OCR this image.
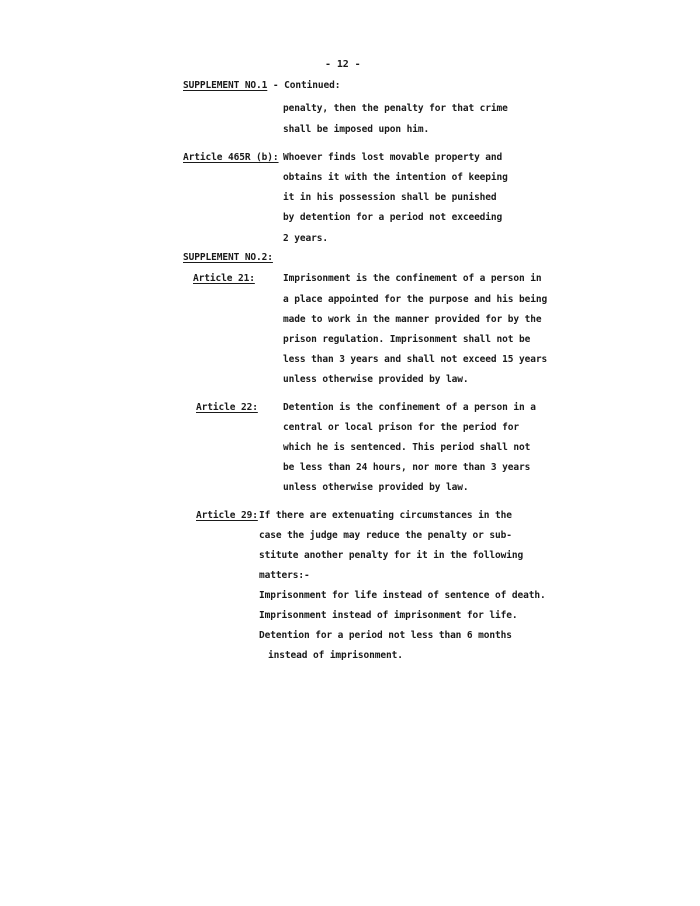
- 12 -
SUPPLEMENT NO.1 - Continued:
penalty, then the penalty for that crime
shall be imposed upon him.
Article 465R (b): Whoever finds lost movable property and
obtains it with the intention of keeping
it in his possession shall be punished
by detention for a period not exceeding
2 years.
SUPPLEMENT NO.2:
Article 21:	Imprisonment is the confinement of a person in
a place appointed for the purpose and his being
made to work in the manner provided for by the
prison regulation. Imprisonment shall not be
less than 3 years and shall not exceed 15 years
unless otherwise provided by law.
Article 22:	Detention is the confinement of a person in a
central or local prison for the period for
which he is sentenced. This period shall not
be less than 24 hours, nor more than 3 years
unless otherwise provided by law.
Article 29: If there are extenuating circumstances in the
case the judge may reduce the penalty or sub-
stitute another penalty for it in the following
matters:-
Imprisonment for life instead of sentence of death.
Imprisonment instead of imprisonment for life.
Detention for a period not less than 6 months
instead of imprisonment.
